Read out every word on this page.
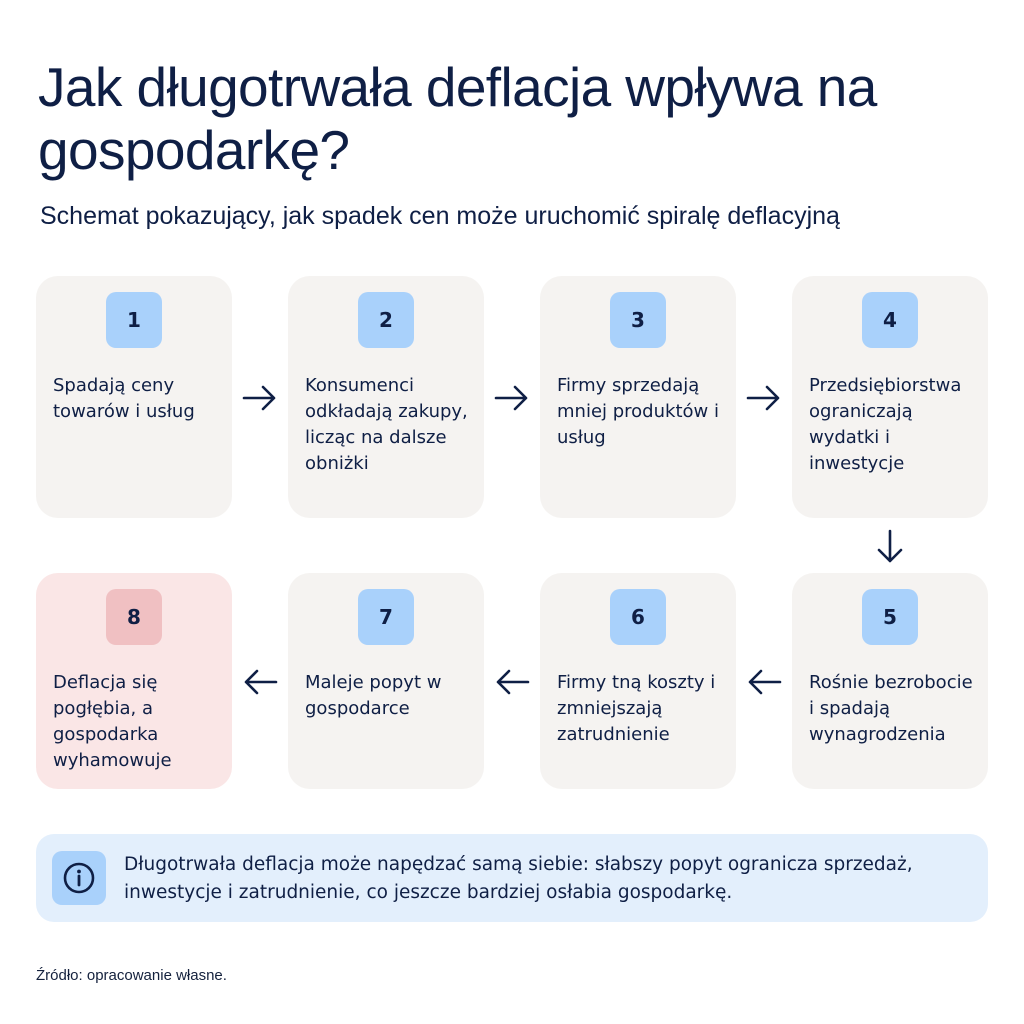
Jak długotrwała deflacja wpływa na gospodarkę?

Schemat pokazujący, jak spadek cen może uruchomić spiralę deflacyjną

1
Spadają ceny towarów i usług
2
Konsumenci odkładają zakupy, licząc na dalsze obniżki
3
Firmy sprzedają mniej produktów i usług
4
Przedsiębiorstwa ograniczają wydatki i inwestycje
8
Deflacja się pogłębia, a gospodarka wyhamowuje
7
Maleje popyt w gospodarce
6
Firmy tną koszty i zmniejszają zatrudnienie
5
Rośnie bezrobocie i spadają wynagrodzenia
Długotrwała deflacja może napędzać samą siebie: słabszy popyt ogranicza sprzedaż, inwestycje i zatrudnienie, co jeszcze bardziej osłabia gospodarkę.
Źródło: opracowanie własne.
